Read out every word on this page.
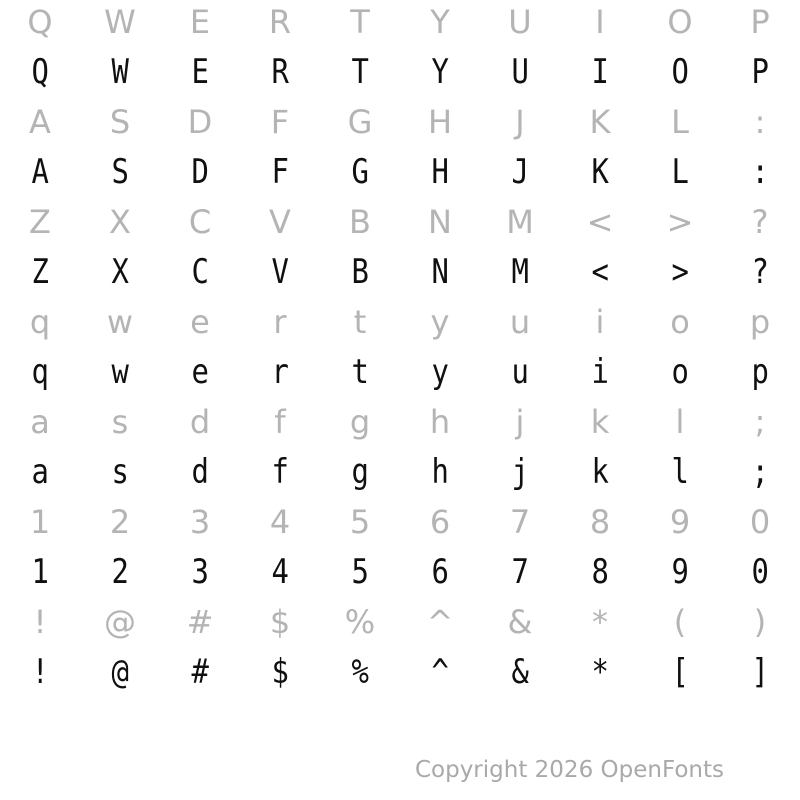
Q	W	E	R	T	Y	U	I	O	P
Q	W	E	R	T	Y	U	I	O	P
A	S	D	F	G	H	J	K	L	:
A	S	D	F	G	H	J	K	L	:
Z	X	C	V	B	N	M	<	>	?
Z	X	C	V	B	N	M	<	>	?
q	w	e	r	t	y	u	i	o	p
q	w	e	r	t	y	u	i	o	p
a	s	d	f	g	h	j	k	l	;
a	s	d	f	g	h	j	k	l	;
1	2	3	4	5	6	7	8	9	0
1	2	3	4	5	6	7	8	9	0
!	@	#	$	%	^	&	*	(	)
!	@	#	$	%	^	&	*	[	]
Copyright 2026 OpenFonts
